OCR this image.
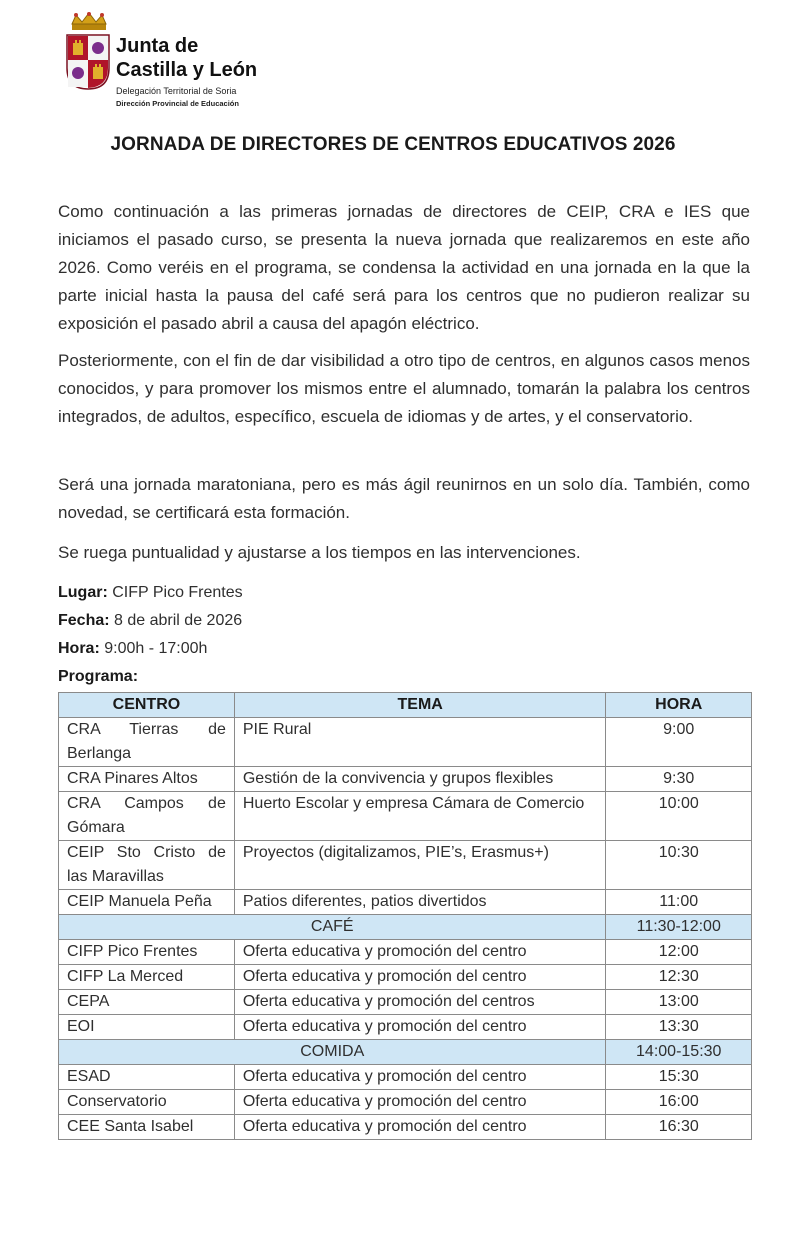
Junta de
Castilla y León
Delegación Territorial de Soria
Dirección Provincial de Educación
JORNADA DE DIRECTORES DE CENTROS EDUCATIVOS 2026

Como continuación a las primeras jornadas de directores de CEIP, CRA e IES que iniciamos el pasado curso, se presenta la nueva jornada que realizaremos en este año 2026. Como veréis en el programa, se condensa la actividad en una jornada en la que la parte inicial hasta la pausa del café será para los centros que no pudieron realizar su exposición el pasado abril a causa del apagón eléctrico.

Posteriormente, con el fin de dar visibilidad a otro tipo de centros, en algunos casos menos conocidos, y para promover los mismos entre el alumnado, tomarán la palabra los centros integrados, de adultos, específico, escuela de idiomas y de artes, y el conservatorio.

Será una jornada maratoniana, pero es más ágil reunirnos en un solo día. También, como novedad, se certificará esta formación.

Se ruega puntualidad y ajustarse a los tiempos en las intervenciones.

Lugar: CIFP Pico Frentes
Fecha: 8 de abril de 2026
Hora: 9:00h - 17:00h
Programa:
CENTRO	TEMA	HORA
CRA Tierras de Berlanga	PIE Rural	9:00
CRA Pinares Altos	Gestión de la convivencia y grupos flexibles	9:30
CRA Campos de Gómara	Huerto Escolar y empresa Cámara de Comercio	10:00
CEIP Sto Cristo de las Maravillas	Proyectos (digitalizamos, PIE’s, Erasmus+)	10:30
CEIP Manuela Peña	Patios diferentes, patios divertidos	11:00
CAFÉ		11:30-12:00
CIFP Pico Frentes	Oferta educativa y promoción del centro	12:00
CIFP La Merced	Oferta educativa y promoción del centro	12:30
CEPA	Oferta educativa y promoción del centros	13:00
EOI	Oferta educativa y promoción del centro	13:30
COMIDA		14:00-15:30
ESAD	Oferta educativa y promoción del centro	15:30
Conservatorio	Oferta educativa y promoción del centro	16:00
CEE Santa Isabel	Oferta educativa y promoción del centro	16:30
